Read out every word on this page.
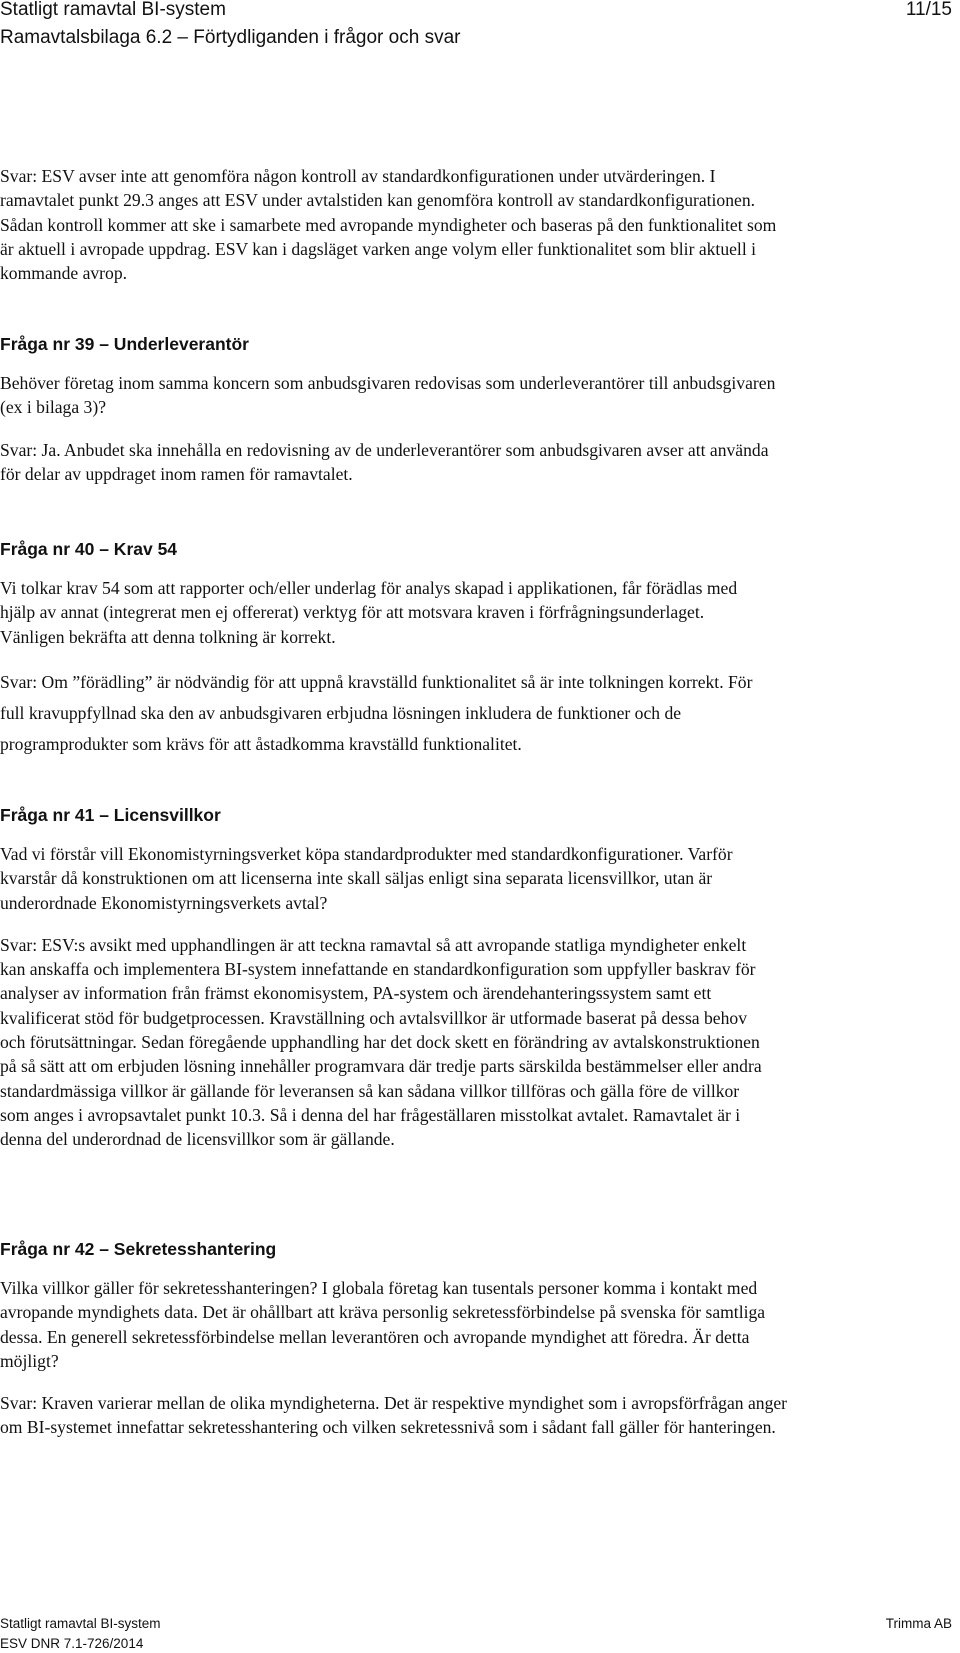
Statligt ramavtal BI-system	11/15
Ramavtalsbilaga 6.2 – Förtydliganden i frågor och svar

Svar: ESV avser inte att genomföra någon kontroll av standardkonfigurationen under utvärderingen. I ramavtalet punkt 29.3 anges att ESV under avtalstiden kan genomföra kontroll av standardkonfigurationen. Sådan kontroll kommer att ske i samarbete med avropande myndigheter och baseras på den funktionalitet som är aktuell i avropade uppdrag. ESV kan i dagsläget varken ange volym eller funktionalitet som blir aktuell i kommande avrop.

Fråga nr 39 – Underleverantör

Behöver företag inom samma koncern som anbudsgivaren redovisas som underleverantörer till anbudsgivaren (ex i bilaga 3)?

Svar: Ja. Anbudet ska innehålla en redovisning av de underleverantörer som anbudsgivaren avser att använda för delar av uppdraget inom ramen för ramavtalet.

Fråga nr 40 – Krav 54

Vi tolkar krav 54 som att rapporter och/eller underlag för analys skapad i applikationen, får förädlas med hjälp av annat (integrerat men ej offererat) verktyg för att motsvara kraven i förfrågningsunderlaget. Vänligen bekräfta att denna tolkning är korrekt.

Svar: Om ”förädling” är nödvändig för att uppnå kravställd funktionalitet så är inte tolkningen korrekt. För full kravuppfyllnad ska den av anbudsgivaren erbjudna lösningen inkludera de funktioner och de programprodukter som krävs för att åstadkomma kravställd funktionalitet.

Fråga nr 41 – Licensvillkor

Vad vi förstår vill Ekonomistyrningsverket köpa standardprodukter med standardkonfigurationer. Varför kvarstår då konstruktionen om att licenserna inte skall säljas enligt sina separata licensvillkor, utan är underordnade Ekonomistyrningsverkets avtal?

Svar: ESV:s avsikt med upphandlingen är att teckna ramavtal så att avropande statliga myndigheter enkelt kan anskaffa och implementera BI-system innefattande en standardkonfiguration som uppfyller baskrav för analyser av information från främst ekonomisystem, PA-system och ärendehanteringssystem samt ett kvalificerat stöd för budgetprocessen. Kravställning och avtalsvillkor är utformade baserat på dessa behov och förutsättningar. Sedan föregående upphandling har det dock skett en förändring av avtalskonstruktionen på så sätt att om erbjuden lösning innehåller programvara där tredje parts särskilda bestämmelser eller andra standardmässiga villkor är gällande för leveransen så kan sådana villkor tillföras och gälla före de villkor som anges i avropsavtalet punkt 10.3. Så i denna del har frågeställaren misstolkat avtalet. Ramavtalet är i denna del underordnad de licensvillkor som är gällande.

Fråga nr 42 – Sekretesshantering

Vilka villkor gäller för sekretesshanteringen? I globala företag kan tusentals personer komma i kontakt med avropande myndighets data. Det är ohållbart att kräva personlig sekretessförbindelse på svenska för samtliga dessa. En generell sekretessförbindelse mellan leverantören och avropande myndighet att föredra. Är detta möjligt?

Svar: Kraven varierar mellan de olika myndigheterna. Det är respektive myndighet som i avropsförfrågan anger om BI-systemet innefattar sekretesshantering och vilken sekretessnivå som i sådant fall gäller för hanteringen.

Statligt ramavtal BI-system
ESV DNR 7.1-726/2014
Trimma AB
